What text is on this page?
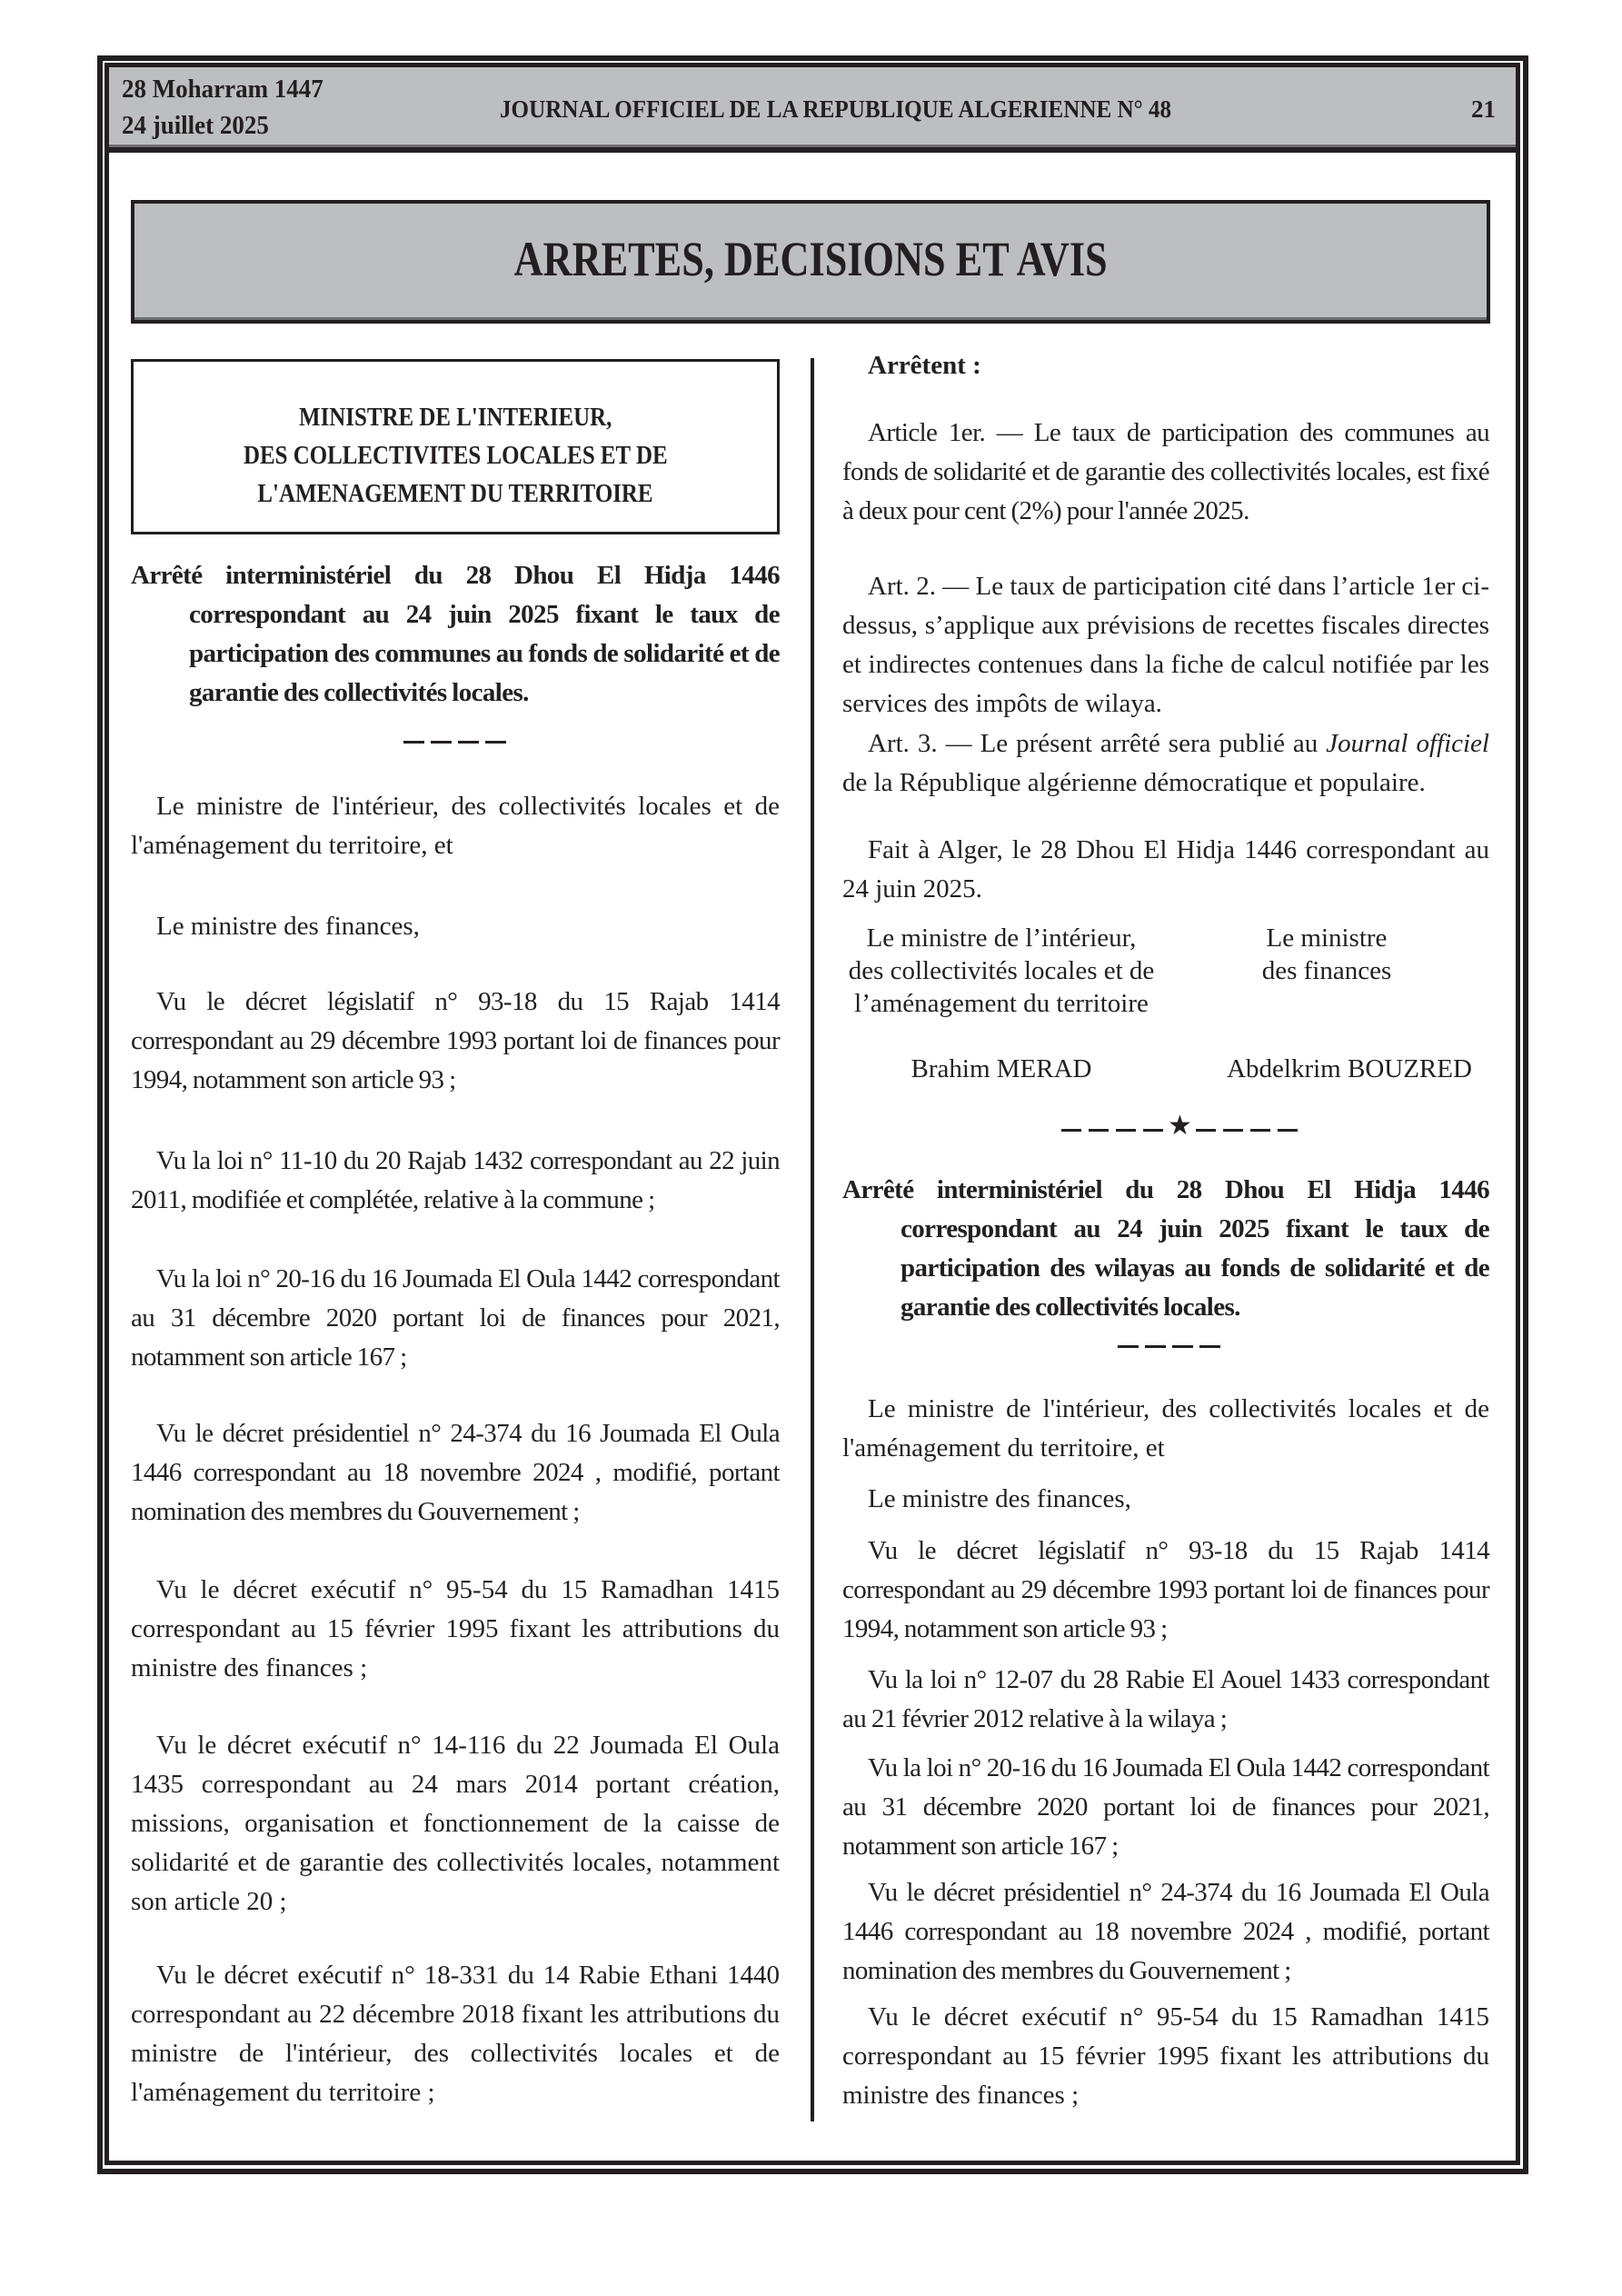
28 Moharram 1447
24 juillet 2025
JOURNAL OFFICIEL DE LA REPUBLIQUE ALGERIENNE N° 48	21
ARRETES, DECISIONS ET AVIS
MINISTRE DE L'INTERIEUR,
DES COLLECTIVITES LOCALES ET DE
L'AMENAGEMENT DU TERRITOIRE
Arrêté interministériel du 28 Dhou El Hidja 1446 correspondant au 24 juin 2025 fixant le taux de participation des communes au fonds de solidarité et de garantie des collectivités locales.
Le ministre de l'intérieur, des collectivités locales et de l'aménagement du territoire, et
Le ministre des finances,
Vu le décret législatif n° 93-18 du 15 Rajab 1414 correspondant au 29 décembre 1993 portant loi de finances pour 1994, notamment son article 93 ;
Vu la loi n° 11-10 du 20 Rajab 1432 correspondant au 22 juin 2011, modifiée et complétée, relative à la commune ;
Vu la loi n° 20-16 du 16 Joumada El Oula 1442 correspondant au 31 décembre 2020 portant loi de finances pour 2021, notamment son article 167 ;
Vu le décret présidentiel n° 24-374 du 16 Joumada El Oula 1446 correspondant au 18 novembre 2024 , modifié, portant nomination des membres du Gouvernement ;
Vu le décret exécutif n° 95-54 du 15 Ramadhan 1415 correspondant au 15 février 1995 fixant les attributions du ministre des finances ;
Vu le décret exécutif n° 14-116 du 22 Joumada El Oula 1435 correspondant au 24 mars 2014 portant création, missions, organisation et fonctionnement de la caisse de solidarité et de garantie des collectivités locales, notamment son article 20 ;
Vu le décret exécutif n° 18-331 du 14 Rabie Ethani 1440 correspondant au 22 décembre 2018 fixant les attributions du ministre de l'intérieur, des collectivités locales et de l'aménagement du territoire ;
Arrêtent :
Article 1er. — Le taux de participation des communes au fonds de solidarité et de garantie des collectivités locales, est fixé à deux pour cent (2%) pour l'année 2025.
Art. 2. — Le taux de participation cité dans l’article 1er ci-dessus, s’applique aux prévisions de recettes fiscales directes et indirectes contenues dans la fiche de calcul notifiée par les services des impôts de wilaya.
Art. 3. — Le présent arrêté sera publié au Journal officiel de la République algérienne démocratique et populaire.
Fait à Alger, le 28 Dhou El Hidja 1446 correspondant au 24 juin 2025.
Le ministre de l’intérieur,
des collectivités locales et de
l’aménagement du territoire
Le ministre
des finances
Brahim MERAD	Abdelkrim BOUZRED
★
Arrêté interministériel du 28 Dhou El Hidja 1446 correspondant au 24 juin 2025 fixant le taux de participation des wilayas au fonds de solidarité et de garantie des collectivités locales.
Le ministre de l'intérieur, des collectivités locales et de l'aménagement du territoire, et
Le ministre des finances,
Vu le décret législatif n° 93-18 du 15 Rajab 1414 correspondant au 29 décembre 1993 portant loi de finances pour 1994, notamment son article 93 ;
Vu la loi n° 12-07 du 28 Rabie El Aouel 1433 correspondant au 21 février 2012 relative à la wilaya ;
Vu la loi n° 20-16 du 16 Joumada El Oula 1442 correspondant au 31 décembre 2020 portant loi de finances pour 2021, notamment son article 167 ;
Vu le décret présidentiel n° 24-374 du 16 Joumada El Oula 1446 correspondant au 18 novembre 2024 , modifié, portant nomination des membres du Gouvernement ;
Vu le décret exécutif n° 95-54 du 15 Ramadhan 1415 correspondant au 15 février 1995 fixant les attributions du ministre des finances ;
